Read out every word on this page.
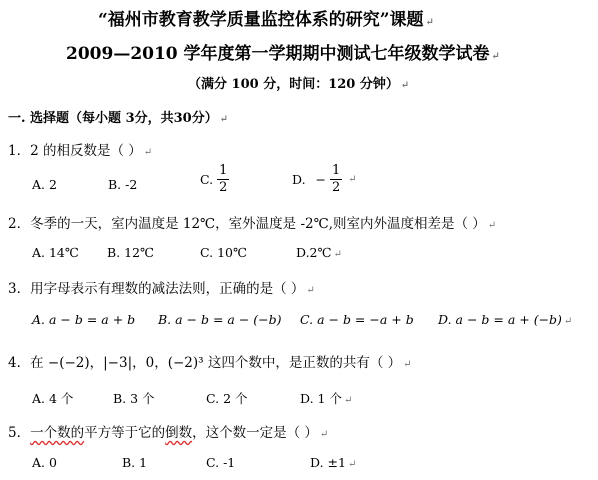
“福州市教育教学质量监控体系的研究”课题 ↵
2009—2010 学年度第一学期期中测试七年级数学试卷 ↵
（满分 100 分，时间：120 分钟） ↵
一. 选择题（每小题 3分，共30分） ↵
1．2 的相反数是（ ） ↵
A. 2	B. -2	C. $\frac{1}{2}$	D. − $\frac{1}{2}$ ↵
2．冬季的一天，室内温度是 12℃，室外温度是 -2℃,则室内外温度相差是（ ） ↵
A. 14℃ B. 12℃	C. 10℃	D.2℃ ↵
3．用字母表示有理数的减法法则，正确的是（ ） ↵
A. a − b = a + b B. a − b = a − (−b) C. a − b = −a + b D. a − b = a + (−b) ↵
4．在 −(−2)，|−3|，0，(−2)³ 这四个数中，是正数的共有（ ） ↵
A. 4 个	B. 3 个	C. 2 个	D. 1 个 ↵
5．一个数的平方等于它的倒数，这个数一定是（ ） ↵
A. 0	B. 1	C. -1	D. ±1 ↵
